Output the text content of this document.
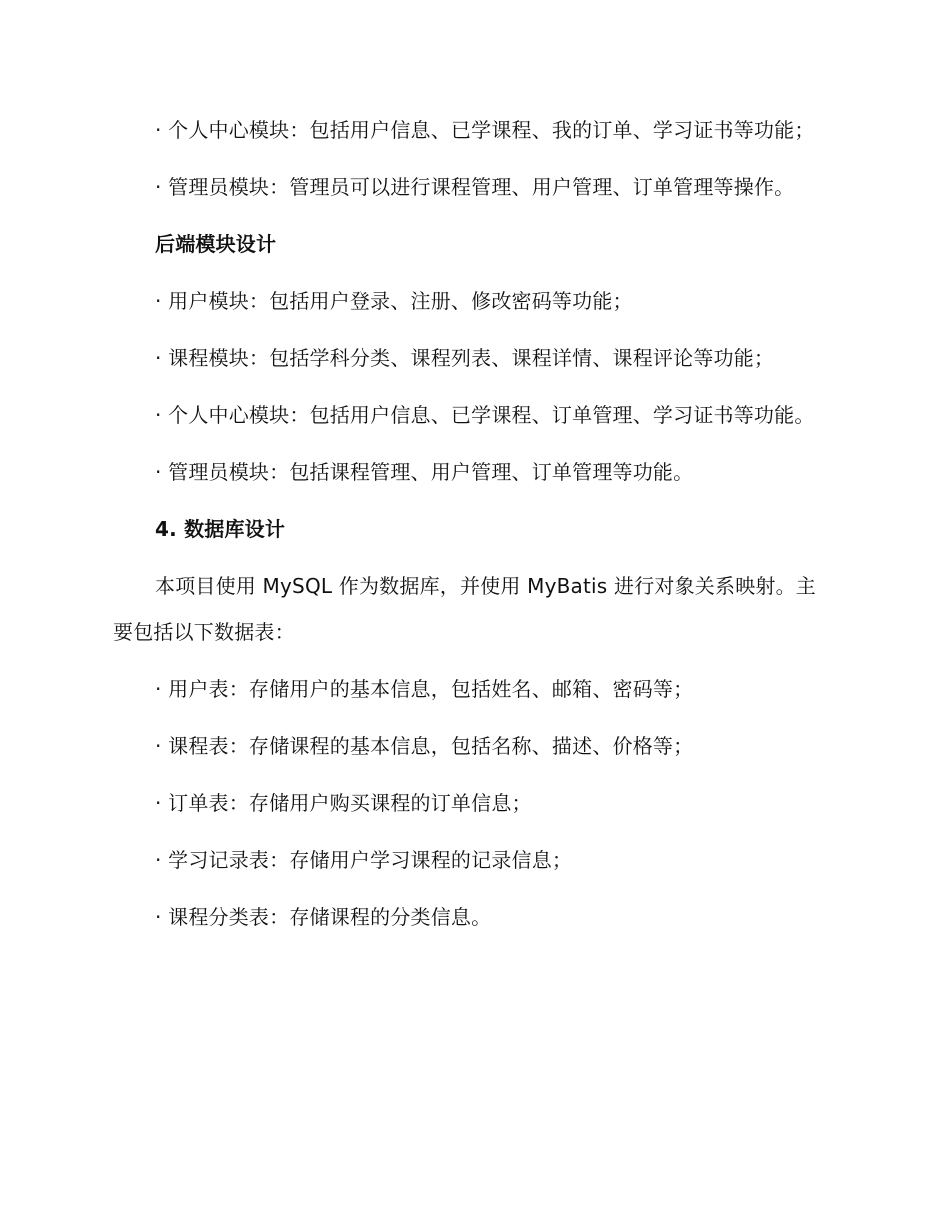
· 个人中心模块：包括用户信息、已学课程、我的订单、学习证书等功能；

· 管理员模块：管理员可以进行课程管理、用户管理、订单管理等操作。

后端模块设计

· 用户模块：包括用户登录、注册、修改密码等功能；

· 课程模块：包括学科分类、课程列表、课程详情、课程评论等功能；

· 个人中心模块：包括用户信息、已学课程、订单管理、学习证书等功能。

· 管理员模块：包括课程管理、用户管理、订单管理等功能。

4. 数据库设计

本项目使用 MySQL 作为数据库，并使用 MyBatis 进行对象关系映射。主要包括以下数据表：

· 用户表：存储用户的基本信息，包括姓名、邮箱、密码等；

· 课程表：存储课程的基本信息，包括名称、描述、价格等；

· 订单表：存储用户购买课程的订单信息；

· 学习记录表：存储用户学习课程的记录信息；

· 课程分类表：存储课程的分类信息。
